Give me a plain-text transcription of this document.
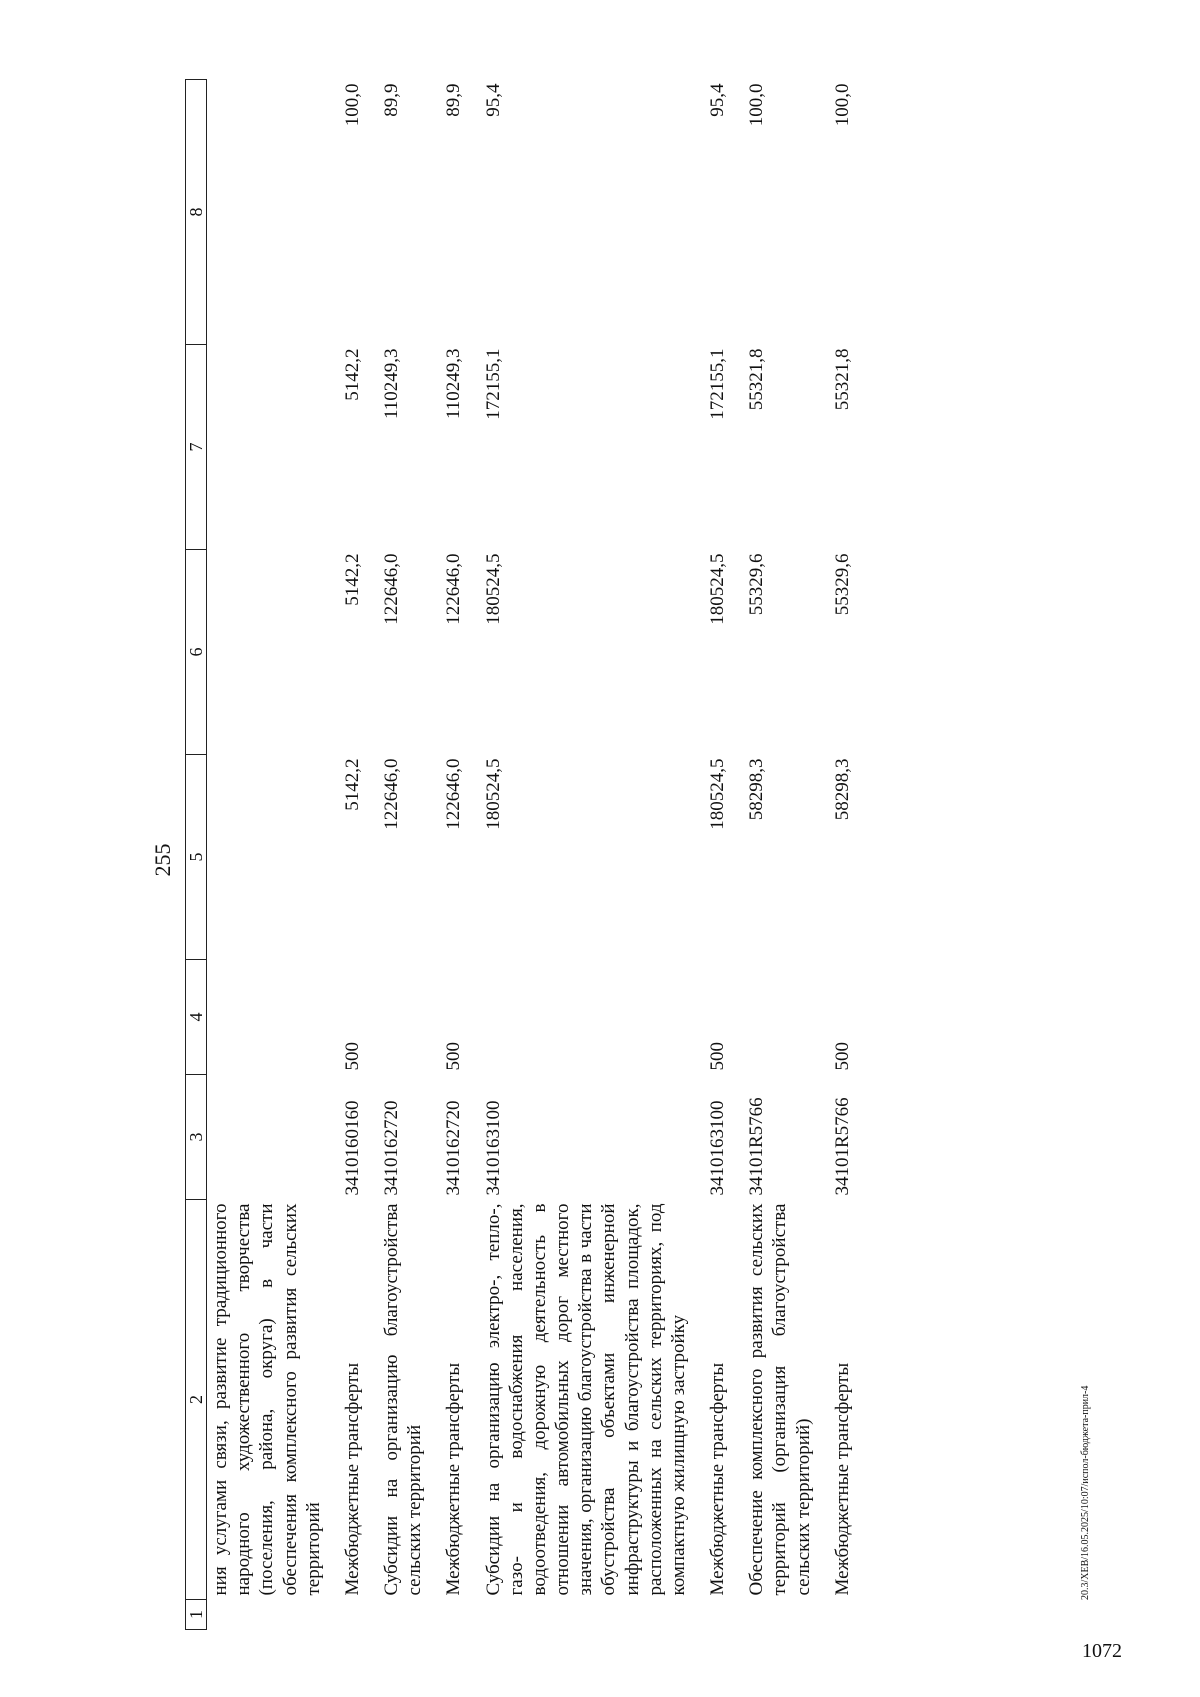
255
1	2	3	4	5	6	7	8
	ния услугами связи, развитие традиционного народного художественного творчества (поселения, района, округа) в части обеспечения комплексного развития сельских территорий						
	Межбюджетные трансферты	3410160160	500	5142,2	5142,2	5142,2	100,0
	Субсидии на организацию благоустройства сельских территорий	3410162720		122646,0	122646,0	110249,3	89,9
	Межбюджетные трансферты	3410162720	500	122646,0	122646,0	110249,3	89,9
	Субсидии на организацию электро-, тепло-, газо- и водоснабжения населения, водоотведения, дорожную деятельность в отношении автомобильных дорог местного значения, организацию благоустройства в части обустройства объектами инженерной инфраструктуры и благоустройства площадок, расположенных на сельских территориях, под компактную жилищную застройку	3410163100		180524,5	180524,5	172155,1	95,4
	Межбюджетные трансферты	3410163100	500	180524,5	180524,5	172155,1	95,4
	Обеспечение комплексного развития сельских территорий (организация благоустройства сельских территорий)	34101R5766		58298,3	55329,6	55321,8	100,0
	Межбюджетные трансферты	34101R5766	500	58298,3	55329,6	55321,8	100,0
20.3/ХЕВ/16.05.2025/10:07/испол-бюджета-прил-4
1072
